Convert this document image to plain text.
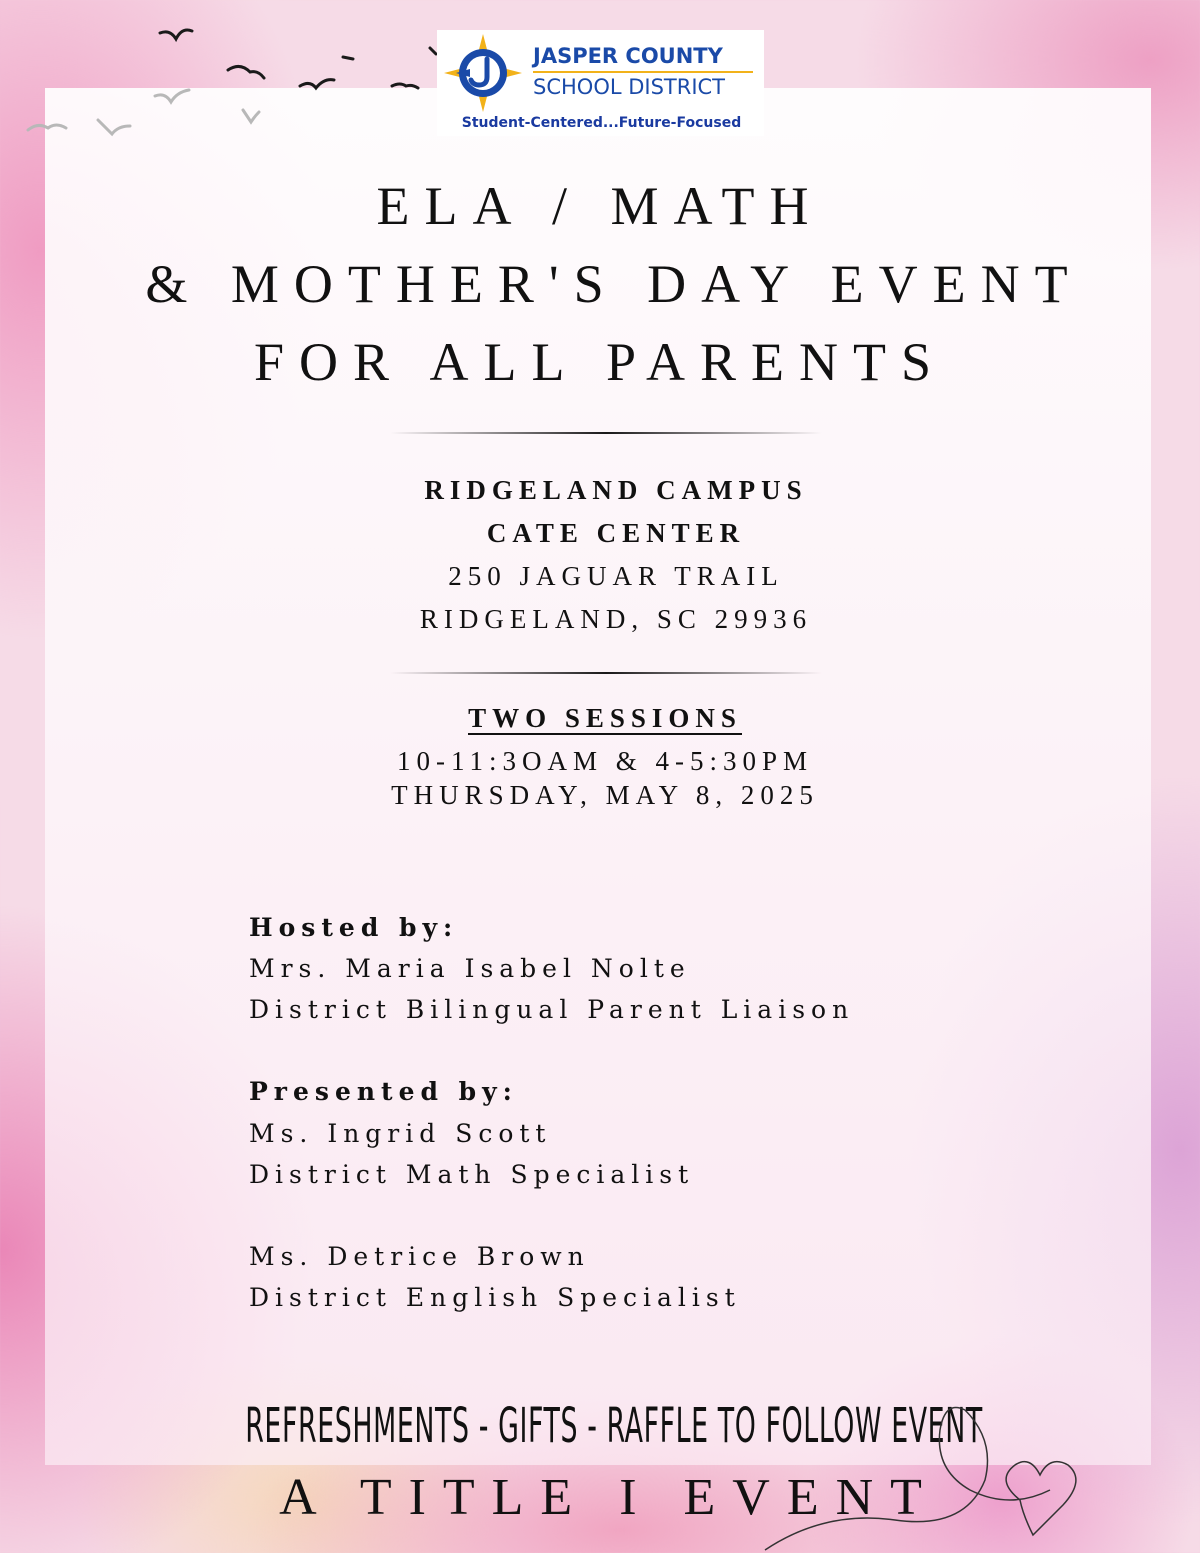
JASPER COUNTY
SCHOOL DISTRICT
Student-Centered...Future-Focused
ELA / MATH
& MOTHER'S DAY EVENT
FOR ALL PARENTS
RIDGELAND CAMPUS
CATE CENTER
250 JAGUAR TRAIL
RIDGELAND, SC 29936
TWO SESSIONS
10-11:3OAM & 4-5:30PM
THURSDAY, MAY 8, 2025
Hosted by:
Mrs. Maria Isabel Nolte
District Bilingual Parent Liaison
Presented by:
Ms. Ingrid Scott
District Math Specialist
Ms. Detrice Brown
District English Specialist
REFRESHMENTS - GIFTS - RAFFLE TO FOLLOW EVENT
A TITLE I EVENT
